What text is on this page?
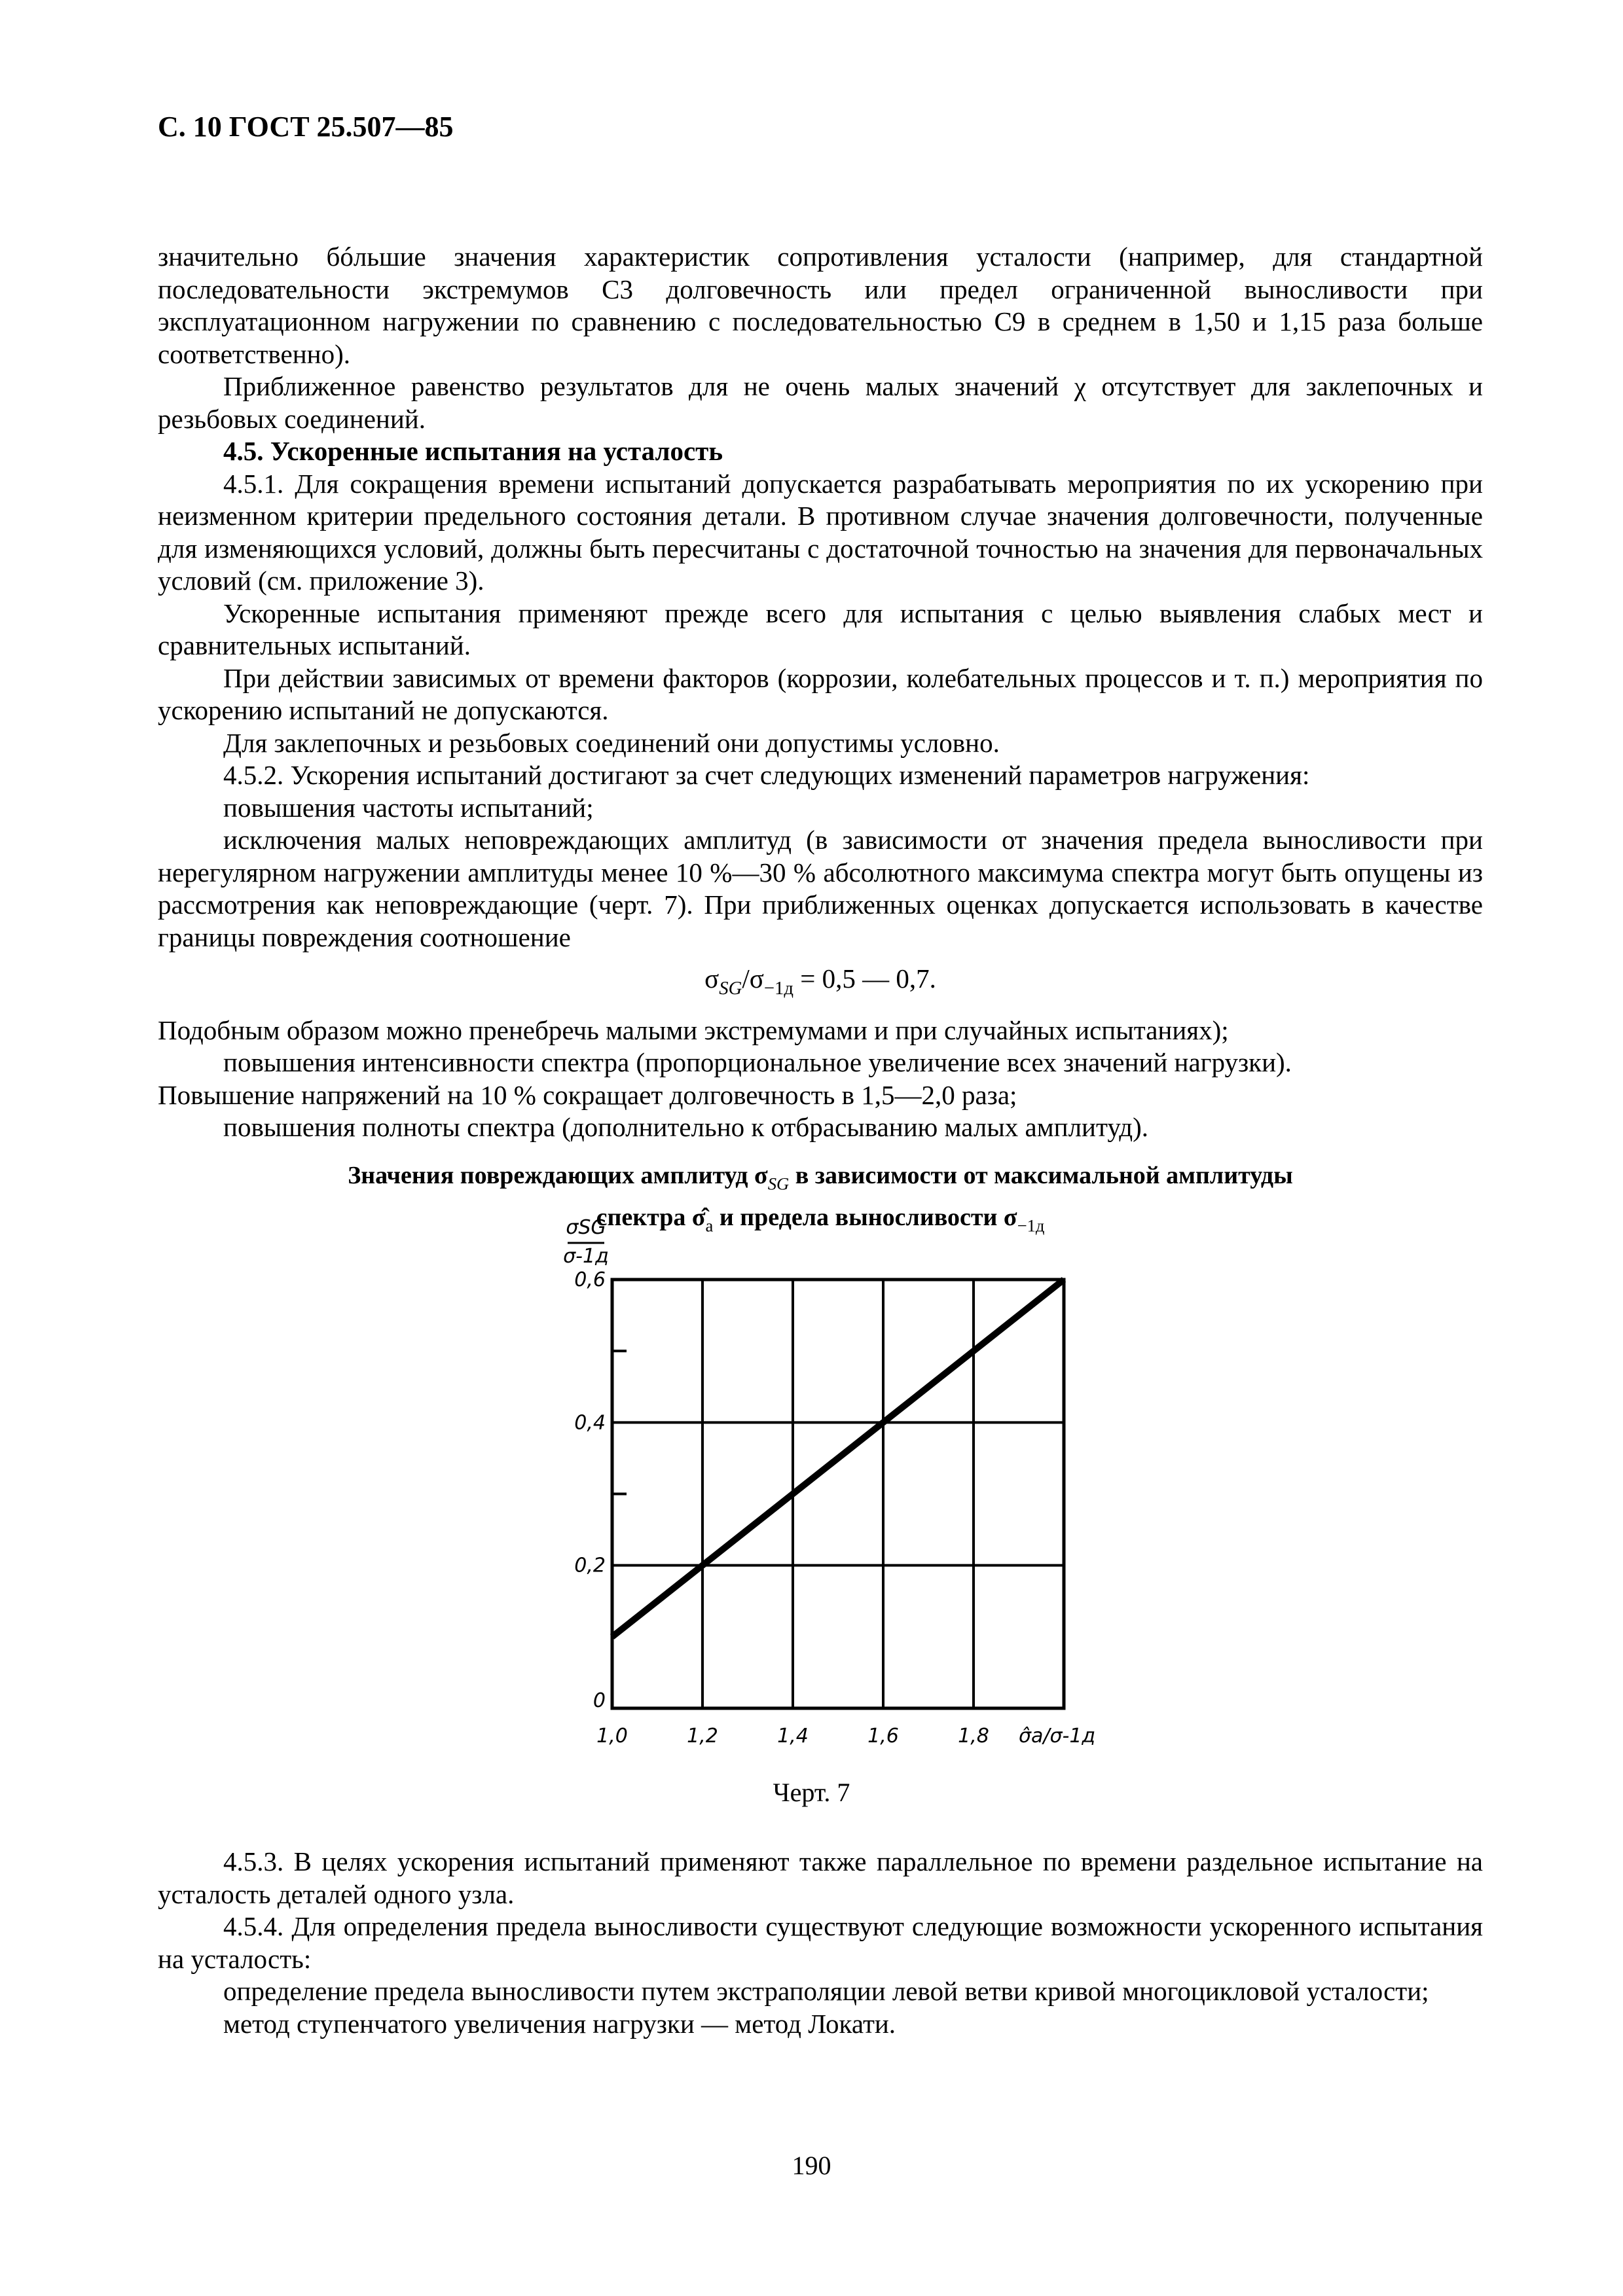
С. 10 ГОСТ 25.507—85

значительно бóльшие значения характеристик сопротивления усталости (например, для стандартной последовательности экстремумов С3 долговечность или предел ограниченной выносливости при эксплуатационном нагружении по сравнению с последовательностью С9 в среднем в 1,50 и 1,15 раза больше соответственно).

Приближенное равенство результатов для не очень малых значений χ отсутствует для заклепочных и резьбовых соединений.

4.5. Ускоренные испытания на усталость

4.5.1. Для сокращения времени испытаний допускается разрабатывать мероприятия по их ускорению при неизменном критерии предельного состояния детали. В противном случае значения долговечности, полученные для изменяющихся условий, должны быть пересчитаны с достаточной точностью на значения для первоначальных условий (см. приложение 3).

Ускоренные испытания применяют прежде всего для испытания с целью выявления слабых мест и сравнительных испытаний.

При действии зависимых от времени факторов (коррозии, колебательных процессов и т. п.) мероприятия по ускорению испытаний не допускаются.

Для заклепочных и резьбовых соединений они допустимы условно.

4.5.2. Ускорения испытаний достигают за счет следующих изменений параметров нагружения:

повышения частоты испытаний;

исключения малых неповреждающих амплитуд (в зависимости от значения предела выносливости при нерегулярном нагружении амплитуды менее 10 %—30 % абсолютного максимума спектра могут быть опущены из рассмотрения как неповреждающие (черт. 7). При приближенных оценках допускается использовать в качестве границы повреждения соотношение

$\sigma_{SG}/\sigma_{-1д} = 0,5$ — 0,7.

Подобным образом можно пренебречь малыми экстремумами и при случайных испытаниях);

повышения интенсивности спектра (пропорциональное увеличение всех значений нагрузки).

Повышение напряжений на 10 % сокращает долговечность в 1,5—2,0 раза;

повышения полноты спектра (дополнительно к отбрасыванию малых амплитуд).

Значения повреждающих амплитуд $\sigma_{SG}$ в зависимости от максимальной амплитуды
спектра $\sigmâ_а$ и предела выносливости $\sigma_{-1д}$
1,0	1,2	1,4	1,6	1,8
0
0,2
0,4
0,6
σ̂a/σ-1д
σSG
σ-1д
Черт. 7

4.5.3. В целях ускорения испытаний применяют также параллельное по времени раздельное испытание на усталость деталей одного узла.

4.5.4. Для определения предела выносливости существуют следующие возможности ускоренного испытания на усталость:

определение предела выносливости путем экстраполяции левой ветви кривой многоцикловой усталости;

метод ступенчатого увеличения нагрузки — метод Локати.

190
